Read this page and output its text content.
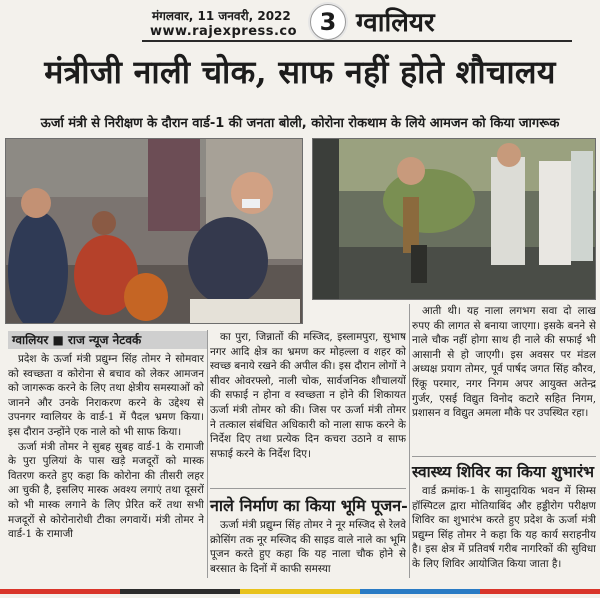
मंगलवार, 11 जनवरी, 2022
www.rajexpress.co 3 ग्वालियर
मंत्रीजी नाली चोक, साफ नहीं होते शौचालय
ऊर्जा मंत्री से निरीक्षण के दौरान वार्ड-1 की जनता बोली, कोरोना रोकथाम के लिये आमजन को किया जागरूक
ग्वालियर ■ राज न्यूज नेटवर्क

प्रदेश के ऊर्जा मंत्री प्रद्युम्न सिंह तोमर ने सोमवार को स्वच्छता व कोरोना से बचाव को लेकर आमजन को जागरूक करने के लिए तथा क्षेत्रीय समस्याओं को जानने और उनके निराकरण करने के उद्देश्य से उपनगर ग्वालियर के वार्ड-1 में पैदल भ्रमण किया। इस दौरान उन्होंने एक नाले को भी साफ किया।

ऊर्जा मंत्री तोमर ने सुबह सुबह वार्ड-1 के रामाजी के पुरा पुलियां के पास खड़े मजदूरों को मास्क वितरण करते हुए कहा कि कोरोना की तीसरी लहर आ चुकी है, इसलिए मास्क अवश्य लगाएं तथा दूसरों को भी मास्क लगाने के लिए प्रेरित करें तथा सभी मजदूरों से कोरोनारोधी टीका लगवायें। मंत्री तोमर ने वार्ड-1 के रामाजी

का पुरा, जिन्नातों की मस्जिद, इस्लामपुरा, सुभाष नगर आदि क्षेत्र का भ्रमण कर मोहल्ला व शहर को स्वच्छ बनाये रखने की अपील की। इस दौरान लोगों ने सीवर ओवरफ्लो, नाली चोक, सार्वजनिक शौचालयों की सफाई न होना व स्वच्छता न होने की शिकायत ऊर्जा मंत्री तोमर को की। जिस पर ऊर्जा मंत्री तोमर ने तत्काल संबंधित अधिकारी को नाला साफ करने के निर्देश दिए तथा प्रत्येक दिन कचरा उठाने व साफ सफाई करने के निर्देश दिए।

नाले निर्माण का किया भूमि पूजन-

ऊर्जा मंत्री प्रद्युम्न सिंह तोमर ने नूर मस्जिद से रेलवे क्रोसिंग तक नूर मस्जिद की साइड वाले नाले का भूमि पूजन करते हुए कहा कि यह नाला चौक होने से बरसात के दिनों में काफी समस्या

आती थी। यह नाला लगभग सवा दो लाख रुपए की लागत से बनाया जाएगा। इसके बनने से नाले चौक नहीं होगा साथ ही नाले की सफाई भी आसानी से हो जाएगी। इस अवसर पर मंडल अध्यक्ष प्रयाग तोमर, पूर्व पार्षद जगत सिंह कौरव, रिंकू परमार, नगर निगम अपर आयुक्त अतेन्द्र गुर्जर, एसई विद्युत विनोद कटारे सहित निगम, प्रशासन व विद्युत अमला मौके पर उपस्थित रहा।

स्वास्थ्य शिविर का किया शुभारंभ

वार्ड क्रमांक-1 के सामुदायिक भवन में सिम्स हॉस्पिटल द्वारा मोतियाबिंद और हड्डीरोग परीक्षण शिविर का शुभारंभ करते हुए प्रदेश के ऊर्जा मंत्री प्रद्युम्न सिंह तोमर ने कहा कि यह कार्य सराहनीय है। इस क्षेत्र में प्रतिवर्ष गरीब नागरिकों की सुविधा के लिए शिविर आयोजित किया जाता है।
